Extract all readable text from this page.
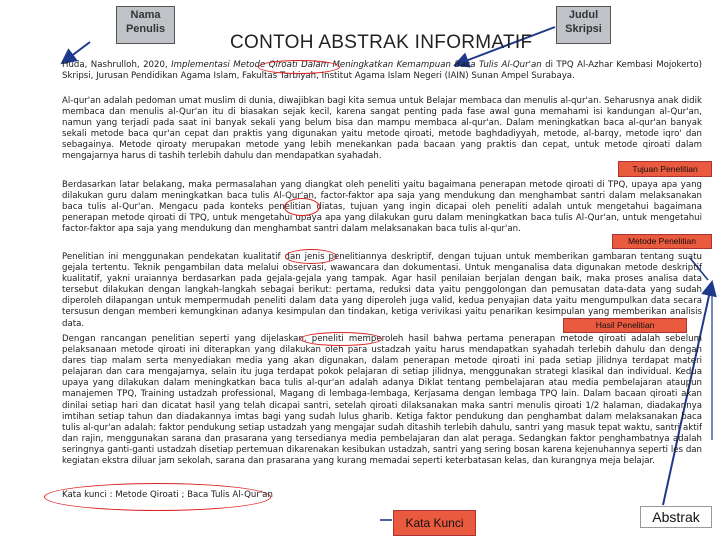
Nama
Penulis
Judul
Skripsi
CONTOH ABSTRAK INFORMATIF
Huda, Nashrulloh, 2020, Implementasi Metode Qiroati Dalam Meningkatkan Kemampuan Baca Tulis Al-Qur'an di TPQ Al-Azhar Kembasi Mojokerto) Skripsi, Jurusan Pendidikan Agama Islam, Fakultas Tarbiyah, Institut Agama Islam Negeri (IAIN) Sunan Ampel Surabaya.
Al-qur'an adalah pedoman umat muslim di dunia, diwajibkan bagi kita semua untuk Belajar membaca dan menulis al-qur'an. Seharusnya anak didik membaca dan menulis al-Qur'an itu di biasakan sejak kecil, karena sangat penting pada fase awal guna memahami isi kandungan al-Qur'an, namun yang terjadi pada saat ini banyak sekali yang belum bisa dan mampu membaca al-qur'an. Dalam meningkatkan baca al-qur'an banyak sekali metode baca qur'an cepat dan praktis yang digunakan yaitu metode qiroati, metode baghdadiyyah, metode, al-barqy, metode iqro' dan sebagainya. Metode qiroaty merupakan metode yang lebih menekankan pada bacaan yang praktis dan cepat, untuk metode qiroati dalam mengajarnya harus di tashih terlebih dahulu dan mendapatkan syahadah.
Tujuan Penelitian
Berdasarkan latar belakang, maka permasalahan yang diangkat oleh peneliti yaitu bagaimana penerapan metode qiroati di TPQ, upaya apa yang dilakukan guru dalam meningkatkan baca tulis Al-Qur'an, factor-faktor apa saja yang mendukung dan menghambat santri dalam melaksanakan baca tulis al-Qur'an. Mengacu pada konteks penelitian diatas, tujuan yang ingin dicapai oleh peneliti adalah untuk mengetahui bagaimana penerapan metode qiroati di TPQ, untuk mengetahui upaya apa yang dilakukan guru dalam meningkatkan baca tulis Al-Qur'an, untuk mengetahui factor-faktor apa saja yang mendukung dan menghambat santri dalam melaksanakan baca tulis al-qur'an.
Metode Penelitian
Penelitian ini menggunakan pendekatan kualitatif dan jenis penelitiannya deskriptif, dengan tujuan untuk memberikan gambaran tentang suatu gejala tertentu. Teknik pengambilan data melalui observasi, wawancara dan dokumentasi. Untuk menganalisa data digunakan metode deskriptif kualitatif, yakni uraiannya berdasarkan pada gejala-gejala yang tampak. Agar hasil penilaian berjalan dengan baik, maka proses analisa data tersebut dilakukan dengan langkah-langkah sebagai berikut: pertama, reduksi data yaitu penggolongan dan pemusatan data-data yang sudah diperoleh dilapangan untuk mempermudah peneliti dalam data yang diperoleh juga valid, kedua penyajian data yaitu mengumpulkan data secara tersusun dengan memberi kemungkinan adanya kesimpulan dan tindakan, ketiga verivikasi yaitu penarikan kesimpulan yang memberikan analisis data.	Hasil Penelitian
Dengan rancangan penelitian seperti yang dijelaskan, peneliti memperoleh hasil bahwa pertama penerapan metode qiroati adalah sebelum pelaksanaan metode qiroati ini diterapkan yang dilakukan oleh para ustadzah yaitu harus mendapatkan syahadah terlebih dahulu dan dengan dares tiap malam serta menyediakan media yang akan digunakan, dalam penerapan metode qiroati ini pada setiap jilidnya terdapat materi pelajaran dan cara mengajarnya, selain itu juga terdapat pokok pelajaran di setiap jilidnya, menggunakan strategi klasikal dan individual. Kedua upaya yang dilakukan dalam meningkatkan baca tulis al-qur'an adalah adanya Diklat tentang pembelajaran atau media pembelajaran ataupun manajemen TPQ, Training ustadzah professional, Magang di lembaga-lembaga, Kerjasama dengan lembaga TPQ lain. Dalam bacaan qiroati akan dinilai setiap hari dan dicatat hasil yang telah dicapai santri, setelah qiroati dilaksanakan maka santri menulis qiroati 1/2 halaman, diadakannya imtihan setiap tahun dan diadakannya imtas bagi yang sudah lulus gharib. Ketiga faktor pendukung dan penghambat dalam melaksanakan baca tulis al-qur'an adalah: faktor pendukung setiap ustadzah yang mengajar sudah ditashih terlebih dahulu, santri yang masuk tepat waktu, santri aktif dan rajin, menggunakan sarana dan prasarana yang tersedianya media pembelajaran dan alat peraga. Sedangkan faktor penghambatnya adalah seringnya ganti-ganti ustadzah disetiap pertemuan dikarenakan kesibukan ustadzah, santri yang sering bosan karena kejenuhannya seperti les dan kegiatan ekstra diluar jam sekolah, sarana dan prasarana yang kurang memadai seperti keterbatasan kelas, dan kurangnya meja belajar.
Kata kunci : Metode Qiroati ; Baca Tulis Al-Qur'an
Kata Kunci	Abstrak
